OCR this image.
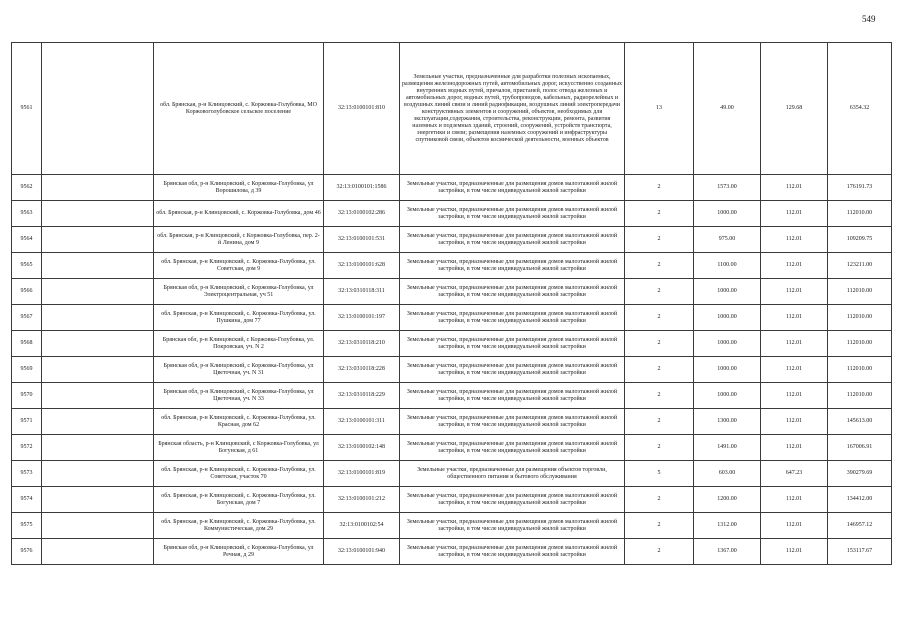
549
9561		обл. Брянская, р-н Клинцовский, с. Коржовка-Голубовка, МО Коржовоголубовское сельское поселение	32:13:0100101:810	Земельные участки, предназначенные для разработки полезных ископаемых, размещения железнодорожных путей, автомобильных дорог, искусственно созданных внутренних водных путей, причалов, пристаней, полос отвода железных и автомобильных дорог, водных путей, трубопроводов, кабельных, радиорелейных и воздушных линий связи и линий радиофикации, воздушных линий электропередачи конструктивных элементов и сооружений, объектов, необходимых для эксплуатации,содержания, строительства, реконструкции, ремонта, развития наземных и подземных зданий, строений, сооружений, устройств транспорта, энергетики и связи; размещения наземных сооружений и инфраструктуры спутниковой связи, объектов космической деятельности, военных объектов	13	49.00	129.68	6354.32
9562		Брянская обл, р-н Клинцовский, с Коржовка-Голубовка, ул Ворошилова, д 39	32:13:0100101:1586	Земельные участки, предназначенные для размещения домов малоэтажной жилой застройки, в том числе индивидуальной жилой застройки	2	1573.00	112.01	176191.73
9563		обл. Брянская, р-н Клинцовский, с. Коржовка-Голубовка, дом 46	32:13:0100102:286	Земельные участки, предназначенные для размещения домов малоэтажной жилой застройки, в том числе индивидуальной жилой застройки	2	1000.00	112.01	112010.00
9564		обл. Брянская, р-н Клинцовский, с Коржовка-Голубовка, пер. 2-й Ленина, дом 9	32:13:0100101:531	Земельные участки, предназначенные для размещения домов малоэтажной жилой застройки, в том числе индивидуальной жилой застройки	2	975.00	112.01	109209.75
9565		обл. Брянская, р-н Клинцовский, с. Коржовка-Голубовка, ул. Советская, дом 9	32:13:0100101:628	Земельные участки, предназначенные для размещения домов малоэтажной жилой застройки, в том числе индивидуальной жилой застройки	2	1100.00	112.01	123211.00
9566		Брянская обл, р-н Клинцовский, с Коржовка-Голубовка, ул Электроцентральная, уч 51	32:13:0310118:311	Земельные участки, предназначенные для размещения домов малоэтажной жилой застройки, в том числе индивидуальной жилой застройки	2	1000.00	112.01	112010.00
9567		обл. Брянская, р-н Клинцовский, с. Коржовка-Голубовка, ул. Пушкина, дом 77	32:13:0100101:197	Земельные участки, предназначенные для размещения домов малоэтажной жилой застройки, в том числе индивидуальной жилой застройки	2	1000.00	112.01	112010.00
9568		Брянская обл, р-н Клинцовский, с Коржовка-Голубовка, ул. Покровская, уч. N 2	32:13:0310118:210	Земельные участки, предназначенные для размещения домов малоэтажной жилой застройки, в том числе индивидуальной жилой застройки	2	1000.00	112.01	112010.00
9569		Брянская обл, р-н Клинцовский, с Коржовка-Голубовка, ул Цветочная, уч. N 31	32:13:0310118:228	Земельные участки, предназначенные для размещения домов малоэтажной жилой застройки, в том числе индивидуальной жилой застройки	2	1000.00	112.01	112010.00
9570		Брянская обл, р-н Клинцовский, с Коржовка-Голубовка, ул Цветочная, уч. N 33	32:13:0310118:229	Земельные участки, предназначенные для размещения домов малоэтажной жилой застройки, в том числе индивидуальной жилой застройки	2	1000.00	112.01	112010.00
9571		обл. Брянская, р-н Клинцовский, с. Коржовка-Голубовка, ул. Красная, дом 62	32:13:0100101:311	Земельные участки, предназначенные для размещения домов малоэтажной жилой застройки, в том числе индивидуальной жилой застройки	2	1300.00	112.01	145613.00
9572		Брянская область, р-н Клинцовский, с Коржовка-Голубовка, ул Богунская, д 61	32:13:0100102:148	Земельные участки, предназначенные для размещения домов малоэтажной жилой застройки, в том числе индивидуальной жилой застройки	2	1491.00	112.01	167006.91
9573		обл. Брянская, р-н Клинцовский, с. Коржовка-Голубовка, ул. Советская, участок 70	32:13:0100101:819	Земельные участки, предназначенные для размещения объектов торговли, общественного питания и бытового обслуживания	5	603.00	647.23	390279.69
9574		обл. Брянская, р-н Клинцовский, с. Коржовка-Голубовка, ул. Богунская, дом 7	32:13:0100101:212	Земельные участки, предназначенные для размещения домов малоэтажной жилой застройки, в том числе индивидуальной жилой застройки	2	1200.00	112.01	134412.00
9575		обл. Брянская, р-н Клинцовский, с. Коржовка-Голубовка, ул. Коммунистическая, дом 29	32:13:0100102:54	Земельные участки, предназначенные для размещения домов малоэтажной жилой застройки, в том числе индивидуальной жилой застройки	2	1312.00	112.01	146957.12
9576		Брянская обл, р-н Клинцовский, с Коржовка-Голубовка, ул Речная, д 29	32:13:0100101:940	Земельные участки, предназначенные для размещения домов малоэтажной жилой застройки, в том числе индивидуальной жилой застройки	2	1367.00	112.01	153117.67
